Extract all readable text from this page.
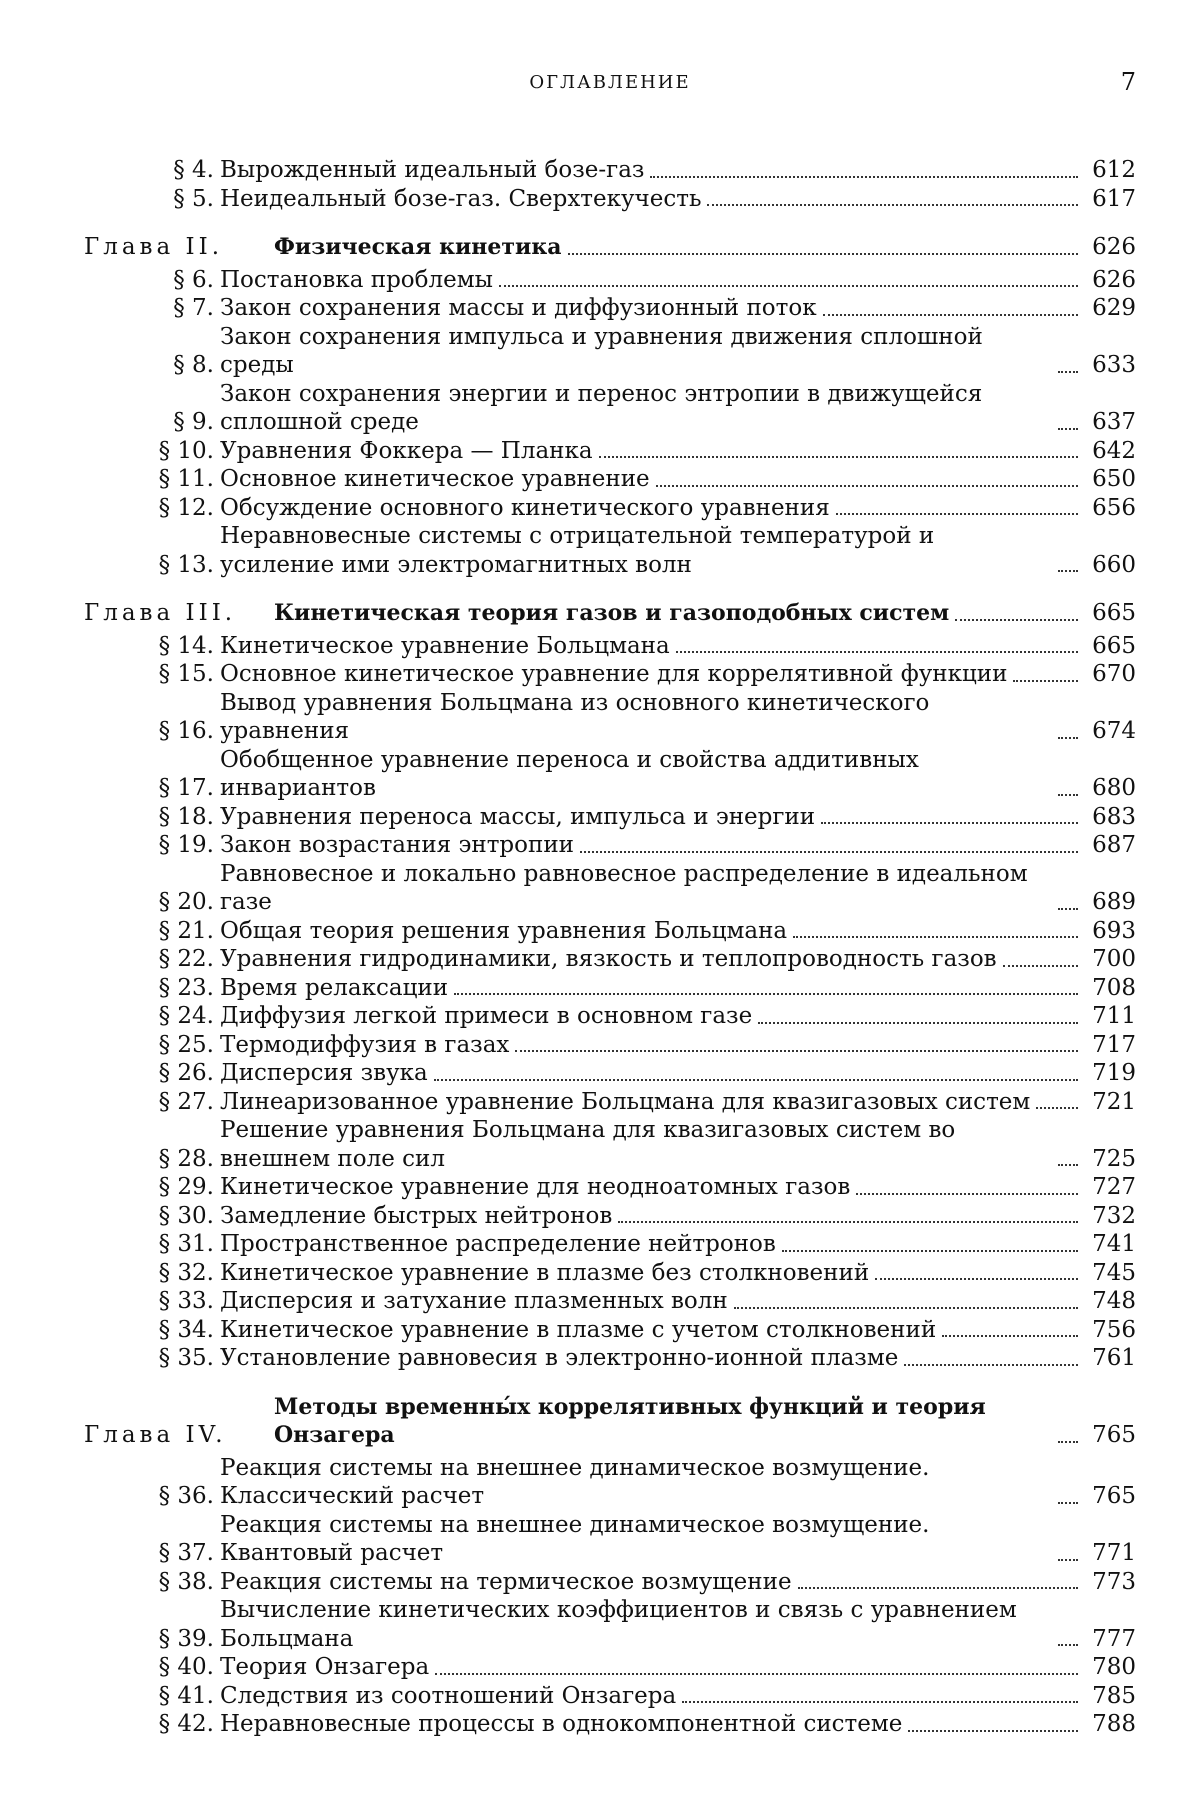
ОГЛАВЛЕНИЕ	7
§ 4. Вырожденный идеальный бозе-газ	612
§ 5. Неидеальный бозе-газ. Сверхтекучесть	617
Глава II.	Физическая кинетика	626
§ 6. Постановка проблемы	626
§ 7. Закон сохранения массы и диффузионный поток	629
§ 8.
Закон сохранения импульса и уравнения движения сплошной среды	633
§ 9.
Закон сохранения энергии и перенос энтропии в движущейся сплошной среде	637
§ 10. Уравнения Фоккера — Планка	642
§ 11. Основное кинетическое уравнение	650
§ 12. Обсуждение основного кинетического уравнения	656
§ 13.
Неравновесные системы с отрицательной температурой и усиление ими электромагнитных волн	660
Глава III.	Кинетическая теория газов и газоподобных систем	665
§ 14. Кинетическое уравнение Больцмана	665
§ 15. Основное кинетическое уравнение для коррелятивной функции	670
§ 16.
Вывод уравнения Больцмана из основного кинетического уравнения	674
§ 17.
Обобщенное уравнение переноса и свойства аддитивных инвариантов	680
§ 18. Уравнения переноса массы, импульса и энергии	683
§ 19. Закон возрастания энтропии	687
§ 20.
Равновесное и локально равновесное распределение в идеальном газе	689
§ 21. Общая теория решения уравнения Больцмана	693
§ 22. Уравнения гидродинамики, вязкость и теплопроводность газов	700
§ 23. Время релаксации	708
§ 24. Диффузия легкой примеси в основном газе	711
§ 25. Термодиффузия в газах	717
§ 26. Дисперсия звука	719
§ 27. Линеаризованное уравнение Больцмана для квазигазовых систем	721
§ 28.
Решение уравнения Больцмана для квазигазовых систем во внешнем поле сил	725
§ 29. Кинетическое уравнение для неодноатомных газов	727
§ 30. Замедление быстрых нейтронов	732
§ 31. Пространственное распределение нейтронов	741
§ 32. Кинетическое уравнение в плазме без столкновений	745
§ 33. Дисперсия и затухание плазменных волн	748
§ 34. Кинетическое уравнение в плазме с учетом столкновений	756
§ 35. Установление равновесия в электронно-ионной плазме	761
Глава IV.
Методы временны́х коррелятивных функций и теория Онзагера	765
§ 36.
Реакция системы на внешнее динамическое возмущение. Классический расчет	765
§ 37.
Реакция системы на внешнее динамическое возмущение. Квантовый расчет	771
§ 38. Реакция системы на термическое возмущение	773
§ 39.
Вычисление кинетических коэффициентов и связь с уравнением Больцмана	777
§ 40. Теория Онзагера	780
§ 41. Следствия из соотношений Онзагера	785
§ 42. Неравновесные процессы в однокомпонентной системе	788
